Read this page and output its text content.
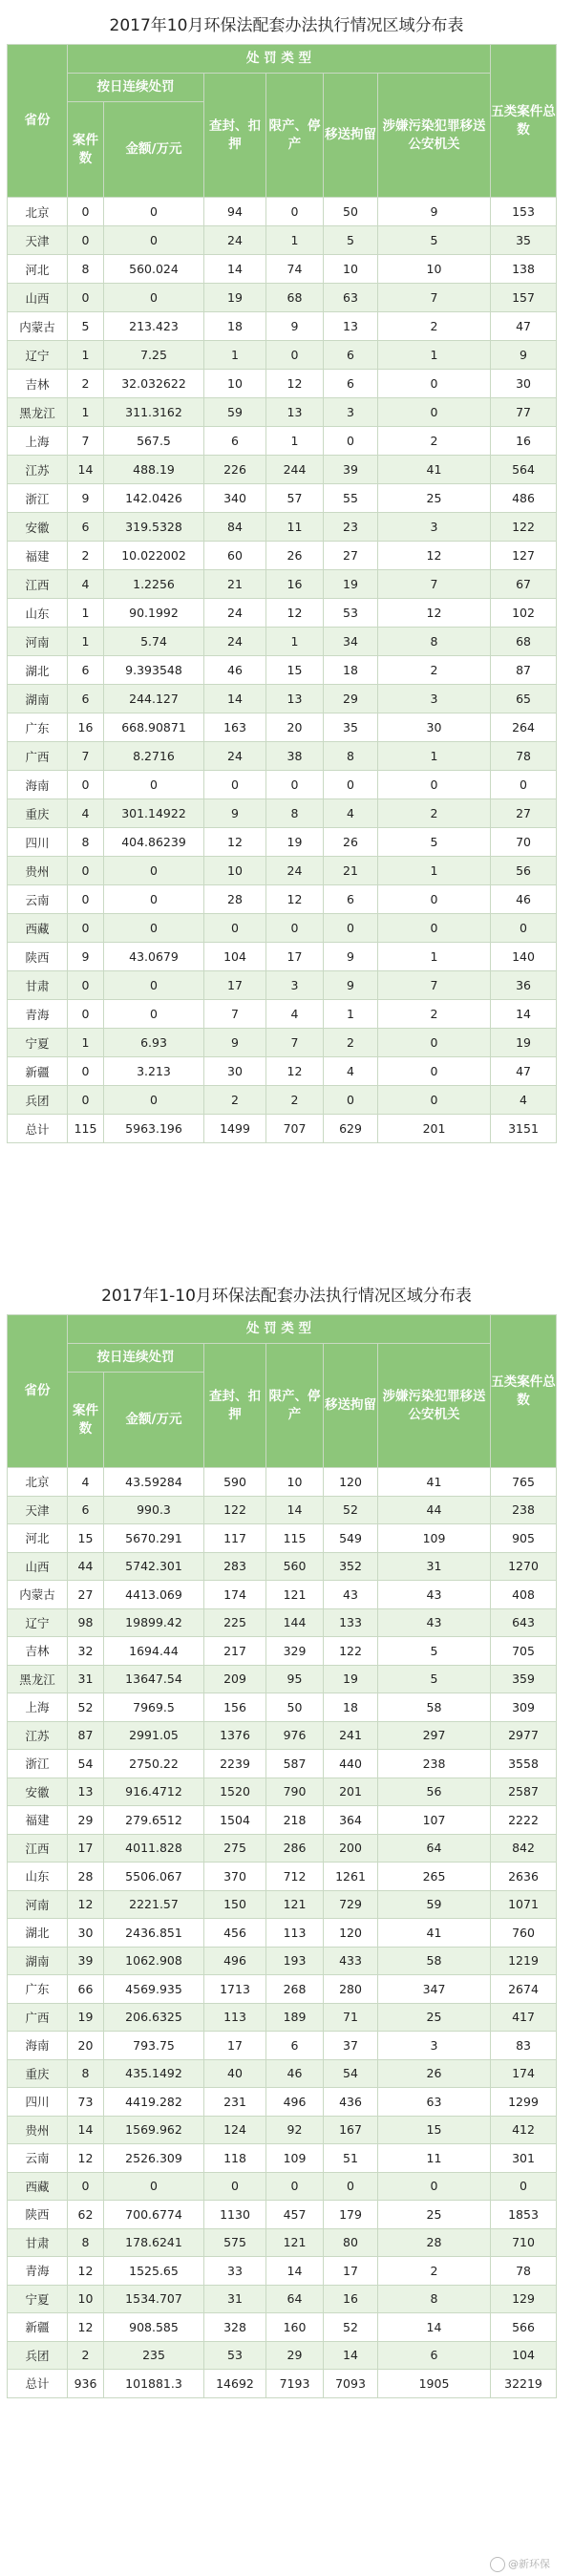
2017年10月环保法配套办法执行情况区域分布表
省份	处 罚 类 型						五类案件总数

	按日连续处罚		查封、扣押	限产、停产	移送拘留	涉嫌污染犯罪移送公安机关	
	案件数	金额/万元					
北京	0	0	94	0	50	9	153
天津	0	0	24	1	5	5	35
河北	8	560.024	14	74	10	10	138
山西	0	0	19	68	63	7	157
内蒙古	5	213.423	18	9	13	2	47
辽宁	1	7.25	1	0	6	1	9
吉林	2	32.032622	10	12	6	0	30
黑龙江	1	311.3162	59	13	3	0	77
上海	7	567.5	6	1	0	2	16
江苏	14	488.19	226	244	39	41	564
浙江	9	142.0426	340	57	55	25	486
安徽	6	319.5328	84	11	23	3	122
福建	2	10.022002	60	26	27	12	127
江西	4	1.2256	21	16	19	7	67
山东	1	90.1992	24	12	53	12	102
河南	1	5.74	24	1	34	8	68
湖北	6	9.393548	46	15	18	2	87
湖南	6	244.127	14	13	29	3	65
广东	16	668.90871	163	20	35	30	264
广西	7	8.2716	24	38	8	1	78
海南	0	0	0	0	0	0	0
重庆	4	301.14922	9	8	4	2	27
四川	8	404.86239	12	19	26	5	70
贵州	0	0	10	24	21	1	56
云南	0	0	28	12	6	0	46
西藏	0	0	0	0	0	0	0
陕西	9	43.0679	104	17	9	1	140
甘肃	0	0	17	3	9	7	36
青海	0	0	7	4	1	2	14
宁夏	1	6.93	9	7	2	0	19
新疆	0	3.213	30	12	4	0	47
兵团	0	0	2	2	0	0	4
总计	115	5963.196	1499	707	629	201	3151
2017年1-10月环保法配套办法执行情况区域分布表
省份	处 罚 类 型						五类案件总数

	按日连续处罚		查封、扣押	限产、停产	移送拘留	涉嫌污染犯罪移送公安机关	
	案件数	金额/万元					
北京	4	43.59284	590	10	120	41	765
天津	6	990.3	122	14	52	44	238
河北	15	5670.291	117	115	549	109	905
山西	44	5742.301	283	560	352	31	1270
内蒙古	27	4413.069	174	121	43	43	408
辽宁	98	19899.42	225	144	133	43	643
吉林	32	1694.44	217	329	122	5	705
黑龙江	31	13647.54	209	95	19	5	359
上海	52	7969.5	156	50	18	58	309
江苏	87	2991.05	1376	976	241	297	2977
浙江	54	2750.22	2239	587	440	238	3558
安徽	13	916.4712	1520	790	201	56	2587
福建	29	279.6512	1504	218	364	107	2222
江西	17	4011.828	275	286	200	64	842
山东	28	5506.067	370	712	1261	265	2636
河南	12	2221.57	150	121	729	59	1071
湖北	30	2436.851	456	113	120	41	760
湖南	39	1062.908	496	193	433	58	1219
广东	66	4569.935	1713	268	280	347	2674
广西	19	206.6325	113	189	71	25	417
海南	20	793.75	17	6	37	3	83
重庆	8	435.1492	40	46	54	26	174
四川	73	4419.282	231	496	436	63	1299
贵州	14	1569.962	124	92	167	15	412
云南	12	2526.309	118	109	51	11	301
西藏	0	0	0	0	0	0	0
陕西	62	700.6774	1130	457	179	25	1853
甘肃	8	178.6241	575	121	80	28	710
青海	12	1525.65	33	14	17	2	78
宁夏	10	1534.707	31	64	16	8	129
新疆	12	908.585	328	160	52	14	566
兵团	2	235	53	29	14	6	104
总计	936	101881.3	14692	7193	7093	1905	32219
@新环保
